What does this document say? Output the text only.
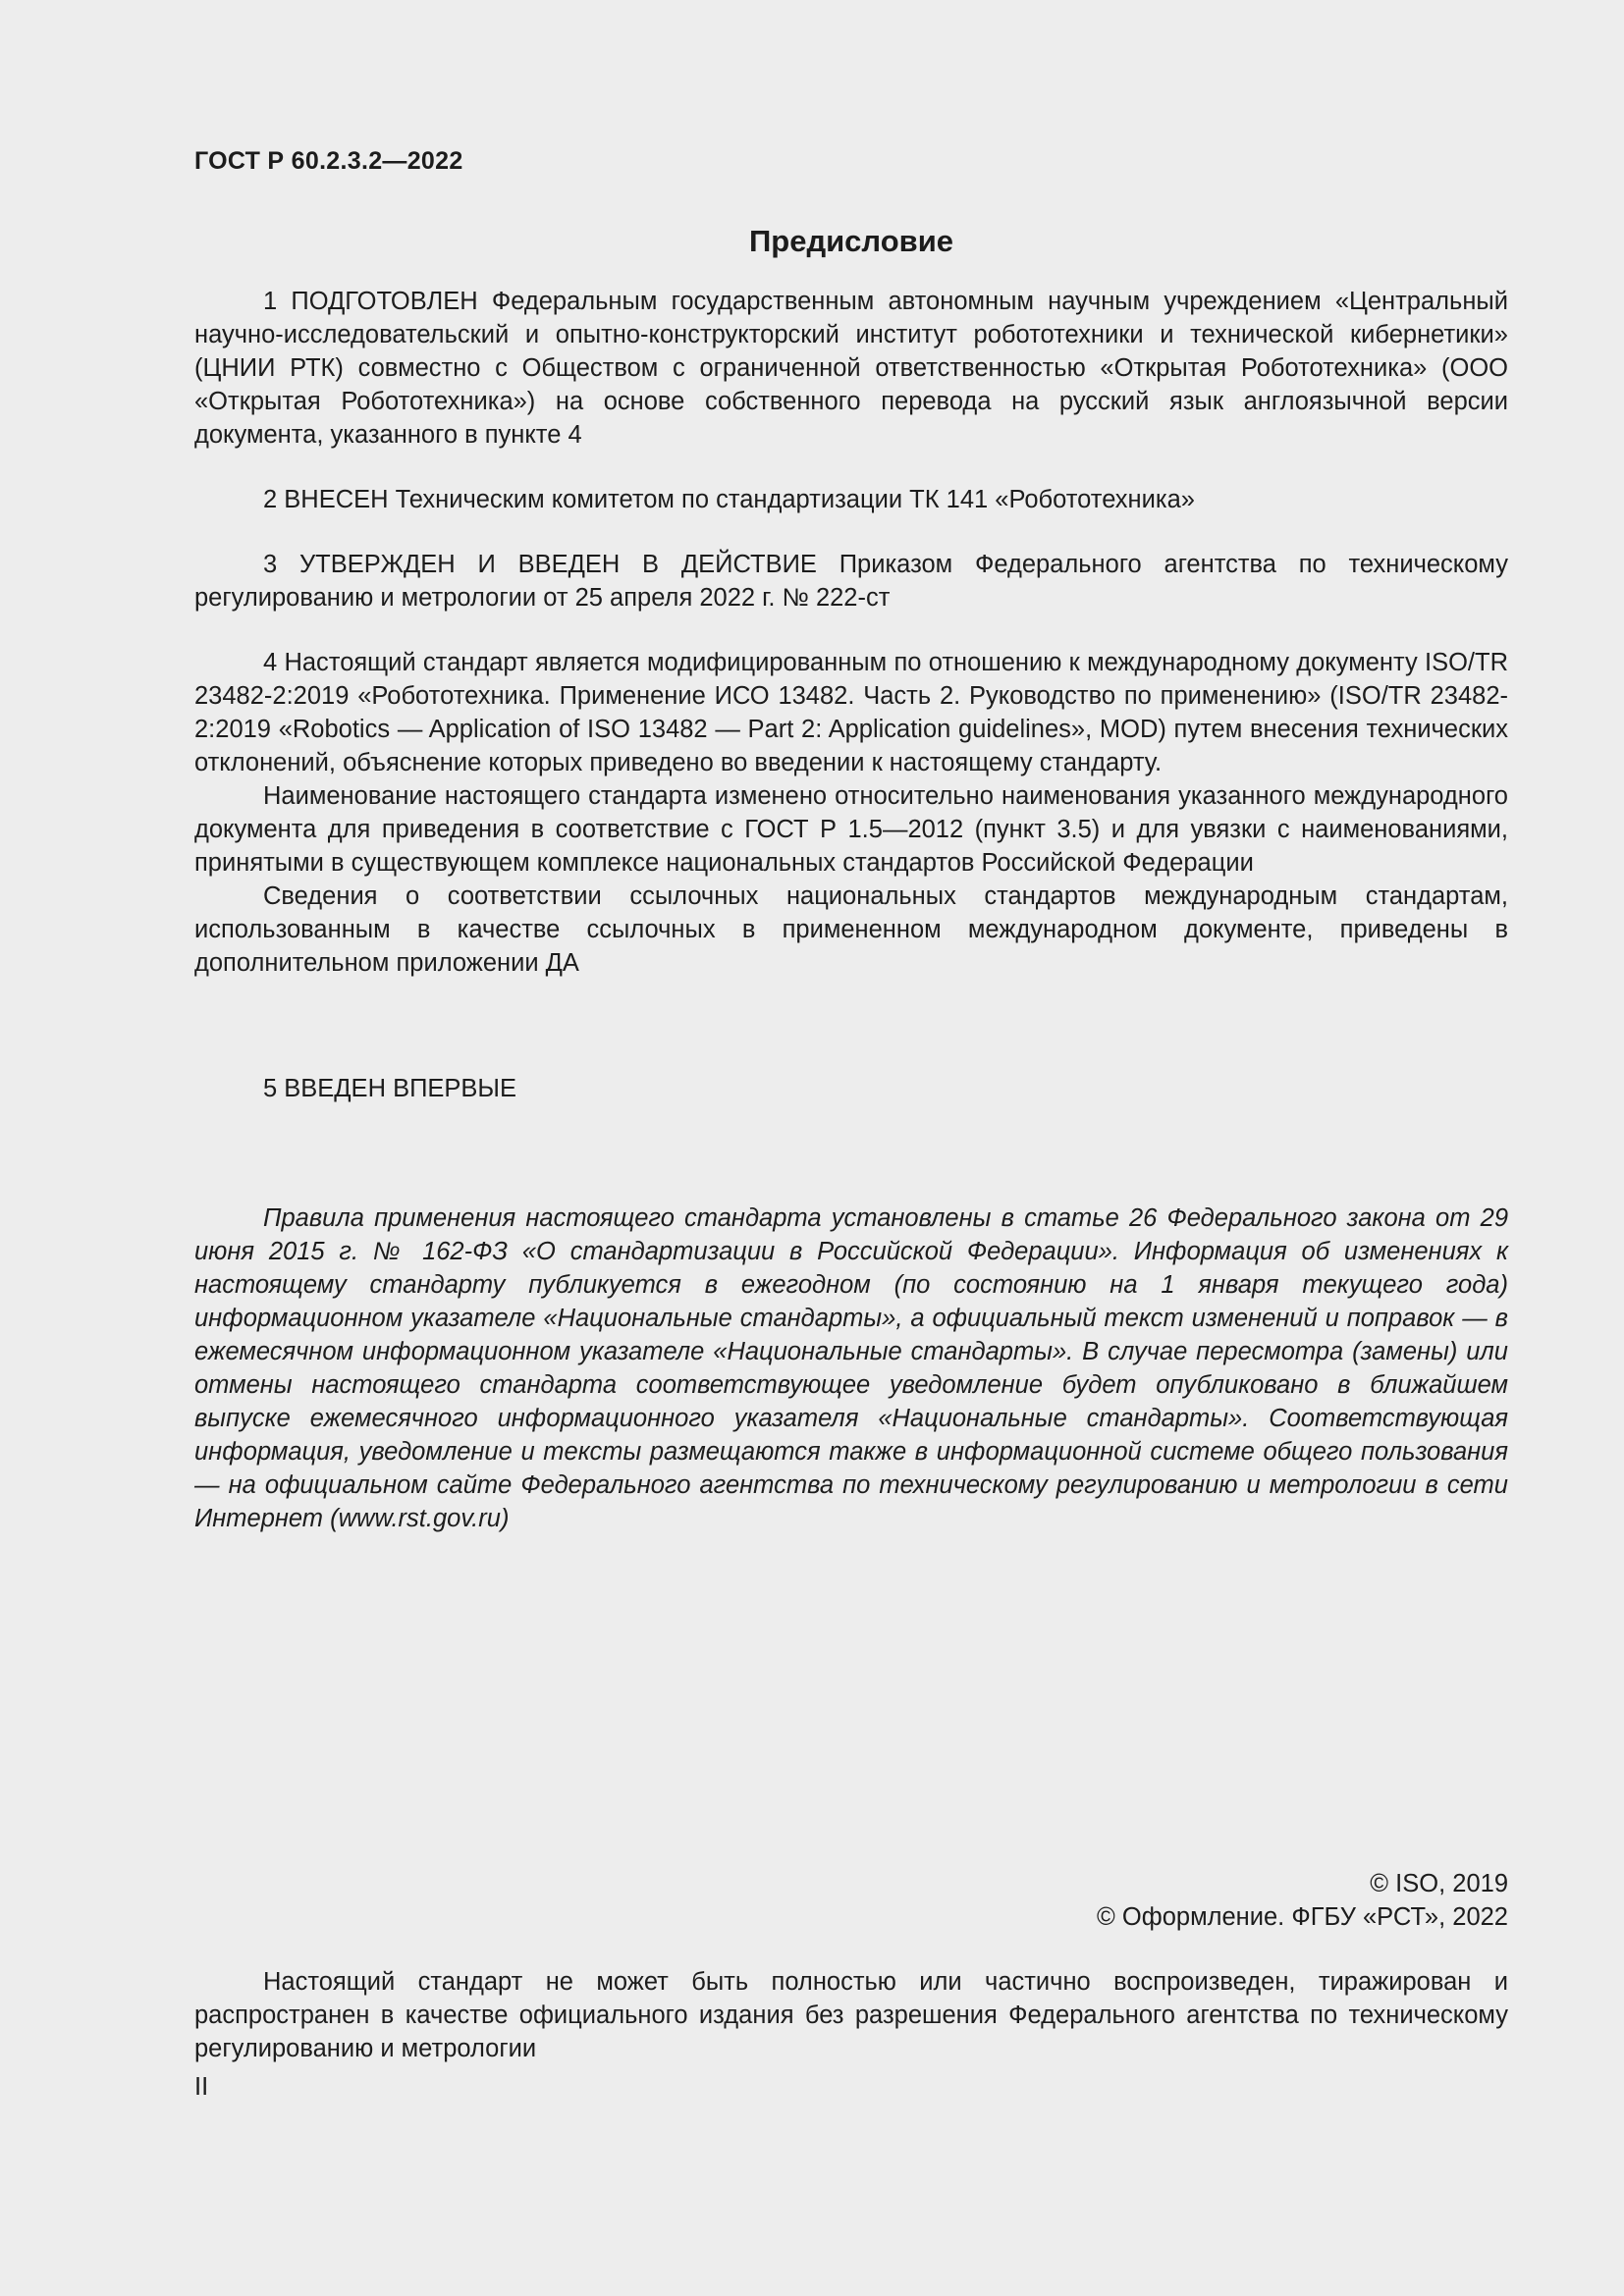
ГОСТ Р 60.2.3.2—2022
Предисловие

1 ПОДГОТОВЛЕН Федеральным государственным автономным научным учреждением «Центральный научно-исследовательский и опытно-конструкторский институт робототехники и технической кибернетики» (ЦНИИ РТК) совместно с Обществом с ограниченной ответственностью «Открытая Робототехника» (ООО «Открытая Робототехника») на основе собственного перевода на русский язык англоязычной версии документа, указанного в пункте 4

2 ВНЕСЕН Техническим комитетом по стандартизации ТК 141 «Робототехника»

3 УТВЕРЖДЕН И ВВЕДЕН В ДЕЙСТВИЕ Приказом Федерального агентства по техническому регулированию и метрологии от 25 апреля 2022 г. № 222-ст

4 Настоящий стандарт является модифицированным по отношению к международному документу ISO/TR 23482-2:2019 «Робототехника. Применение ИСО 13482. Часть 2. Руководство по применению» (ISO/TR 23482-2:2019 «Robotics — Application of ISO 13482 — Part 2: Application guidelines», MOD) путем внесения технических отклонений, объяснение которых приведено во введении к настоящему стандарту.

Наименование настоящего стандарта изменено относительно наименования указанного международного документа для приведения в соответствие с ГОСТ Р 1.5—2012 (пункт 3.5) и для увязки с наименованиями, принятыми в существующем комплексе национальных стандартов Российской Федерации

Сведения о соответствии ссылочных национальных стандартов международным стандартам, использованным в качестве ссылочных в примененном международном документе, приведены в дополнительном приложении ДА

5 ВВЕДЕН ВПЕРВЫЕ

Правила применения настоящего стандарта установлены в статье 26 Федерального закона от 29 июня 2015 г. № 162-ФЗ «О стандартизации в Российской Федерации». Информация об изменениях к настоящему стандарту публикуется в ежегодном (по состоянию на 1 января текущего года) информационном указателе «Национальные стандарты», а официальный текст изменений и поправок — в ежемесячном информационном указателе «Национальные стандарты». В случае пересмотра (замены) или отмены настоящего стандарта соответствующее уведомление будет опубликовано в ближайшем выпуске ежемесячного информационного указателя «Национальные стандарты». Соответствующая информация, уведомление и тексты размещаются также в информационной системе общего пользования — на официальном сайте Федерального агентства по техническому регулированию и метрологии в сети Интернет (www.rst.gov.ru)

© ISO, 2019
© Оформление. ФГБУ «РСТ», 2022

Настоящий стандарт не может быть полностью или частично воспроизведен, тиражирован и распространен в качестве официального издания без разрешения Федерального агентства по техническому регулированию и метрологии

II
